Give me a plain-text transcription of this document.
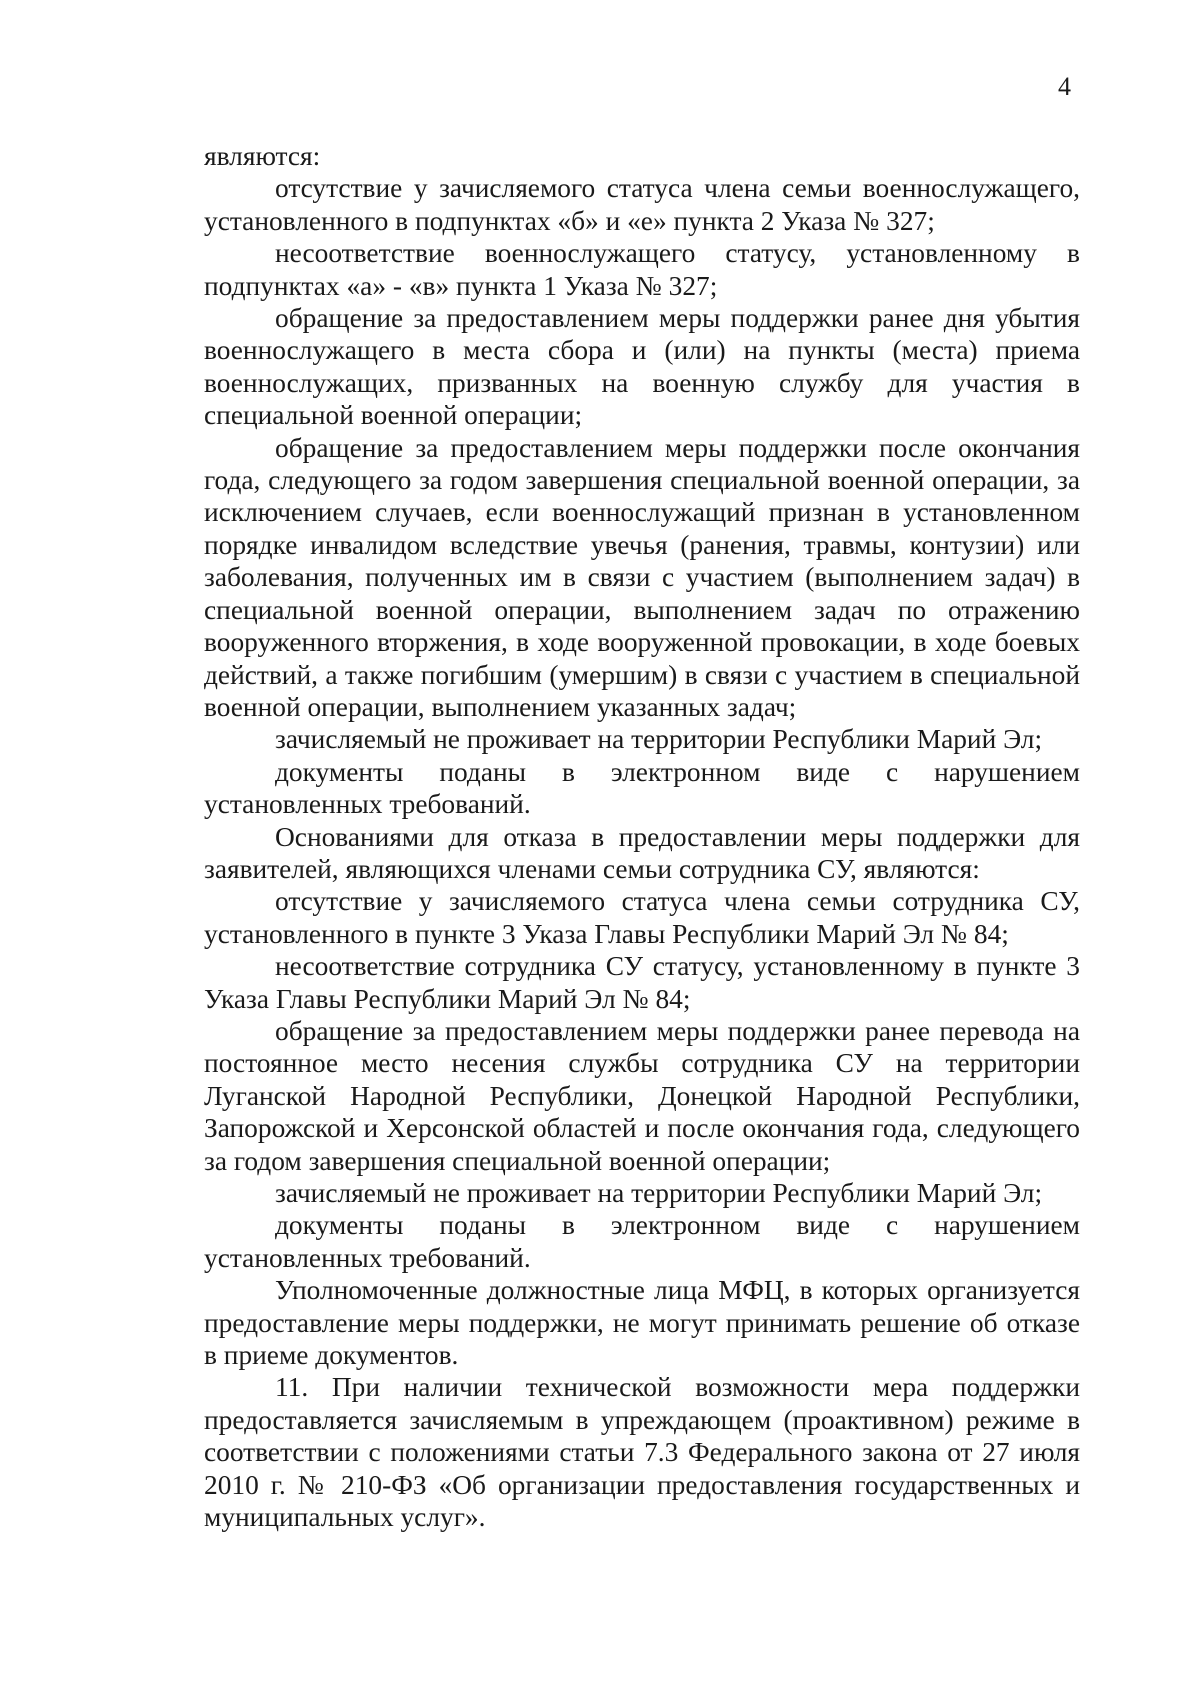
4

являются:

отсутствие у зачисляемого статуса члена семьи военнослужащего, установленного в подпунктах «б» и «е» пункта 2 Указа № 327;

несоответствие военнослужащего статусу, установленному в подпунктах «а» - «в» пункта 1 Указа № 327;

обращение за предоставлением меры поддержки ранее дня убытия военнослужащего в места сбора и (или) на пункты (места) приема военнослужащих, призванных на военную службу для участия в специальной военной операции;

обращение за предоставлением меры поддержки после окончания года, следующего за годом завершения специальной военной операции, за исключением случаев, если военнослужащий признан в установленном порядке инвалидом вследствие увечья (ранения, травмы, контузии) или заболевания, полученных им в связи с участием (выполнением задач) в специальной военной операции, выполнением задач по отражению вооруженного вторжения, в ходе вооруженной провокации, в ходе боевых действий, а также погибшим (умершим) в связи с участием в специальной военной операции, выполнением указанных задач;

зачисляемый не проживает на территории Республики Марий Эл;

документы поданы в электронном виде с нарушением установленных требований.

Основаниями для отказа в предоставлении меры поддержки для заявителей, являющихся членами семьи сотрудника СУ, являются:

отсутствие у зачисляемого статуса члена семьи сотрудника СУ, установленного в пункте 3 Указа Главы Республики Марий Эл № 84;

несоответствие сотрудника СУ статусу, установленному в пункте 3 Указа Главы Республики Марий Эл № 84;

обращение за предоставлением меры поддержки ранее перевода на постоянное место несения службы сотрудника СУ на территории Луганской Народной Республики, Донецкой Народной Республики, Запорожской и Херсонской областей и после окончания года, следующего за годом завершения специальной военной операции;

зачисляемый не проживает на территории Республики Марий Эл;

документы поданы в электронном виде с нарушением установленных требований.

Уполномоченные должностные лица МФЦ, в которых организуется предоставление меры поддержки, не могут принимать решение об отказе в приеме документов.

11. При наличии технической возможности мера поддержки предоставляется зачисляемым в упреждающем (проактивном) режиме в соответствии с положениями статьи 7.3 Федерального закона от 27 июля 2010 г. № 210-ФЗ «Об организации предоставления государственных и муниципальных услуг».
